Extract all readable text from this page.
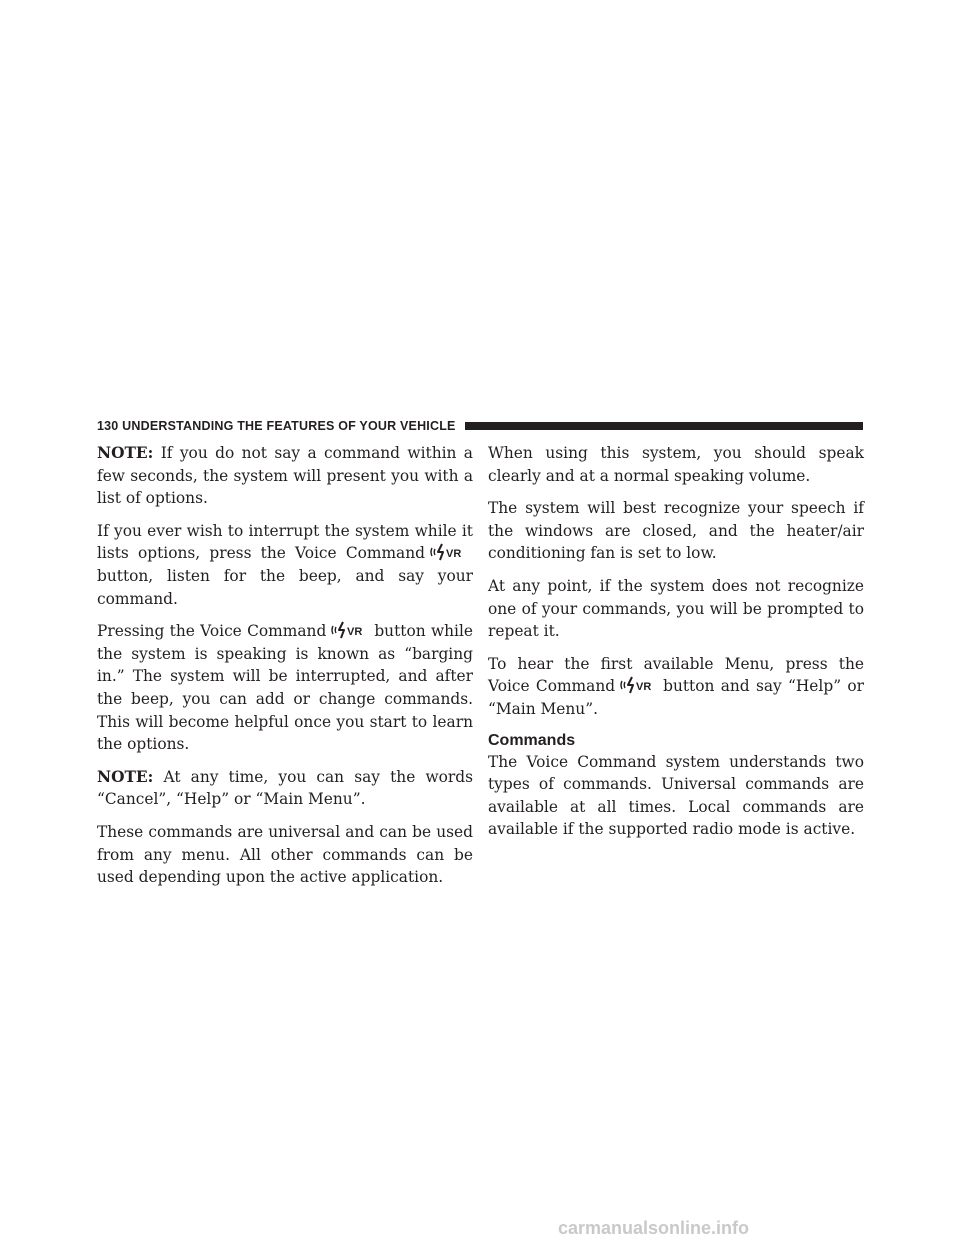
130 UNDERSTANDING THE FEATURES OF YOUR VEHICLE

NOTE: If you do not say a command within a few seconds, the system will present you with a list of options.

If you ever wish to interrupt the system while it lists options, press the Voice Command VR
button, listen for the beep, and say your command.

Pressing the Voice Command VR button while the system is speaking is known as “barging in.” The system will be interrupted, and after the beep, you can add or change commands. This will become helpful once you start to learn the options.

NOTE: At any time, you can say the words “Cancel”, “Help” or “Main Menu”.

These commands are universal and can be used from any menu. All other commands can be used depending upon the active application.

When using this system, you should speak clearly and at a normal speaking volume.

The system will best recognize your speech if the windows are closed, and the heater/air conditioning fan is set to low.

At any point, if the system does not recognize one of your commands, you will be prompted to repeat it.

To hear the first available Menu, press the Voice Command VR button and say “Help” or “Main Menu”.

Commands

The Voice Command system understands two types of commands. Universal commands are available at all times. Local commands are available if the supported radio mode is active.

carmanualsonline.info
